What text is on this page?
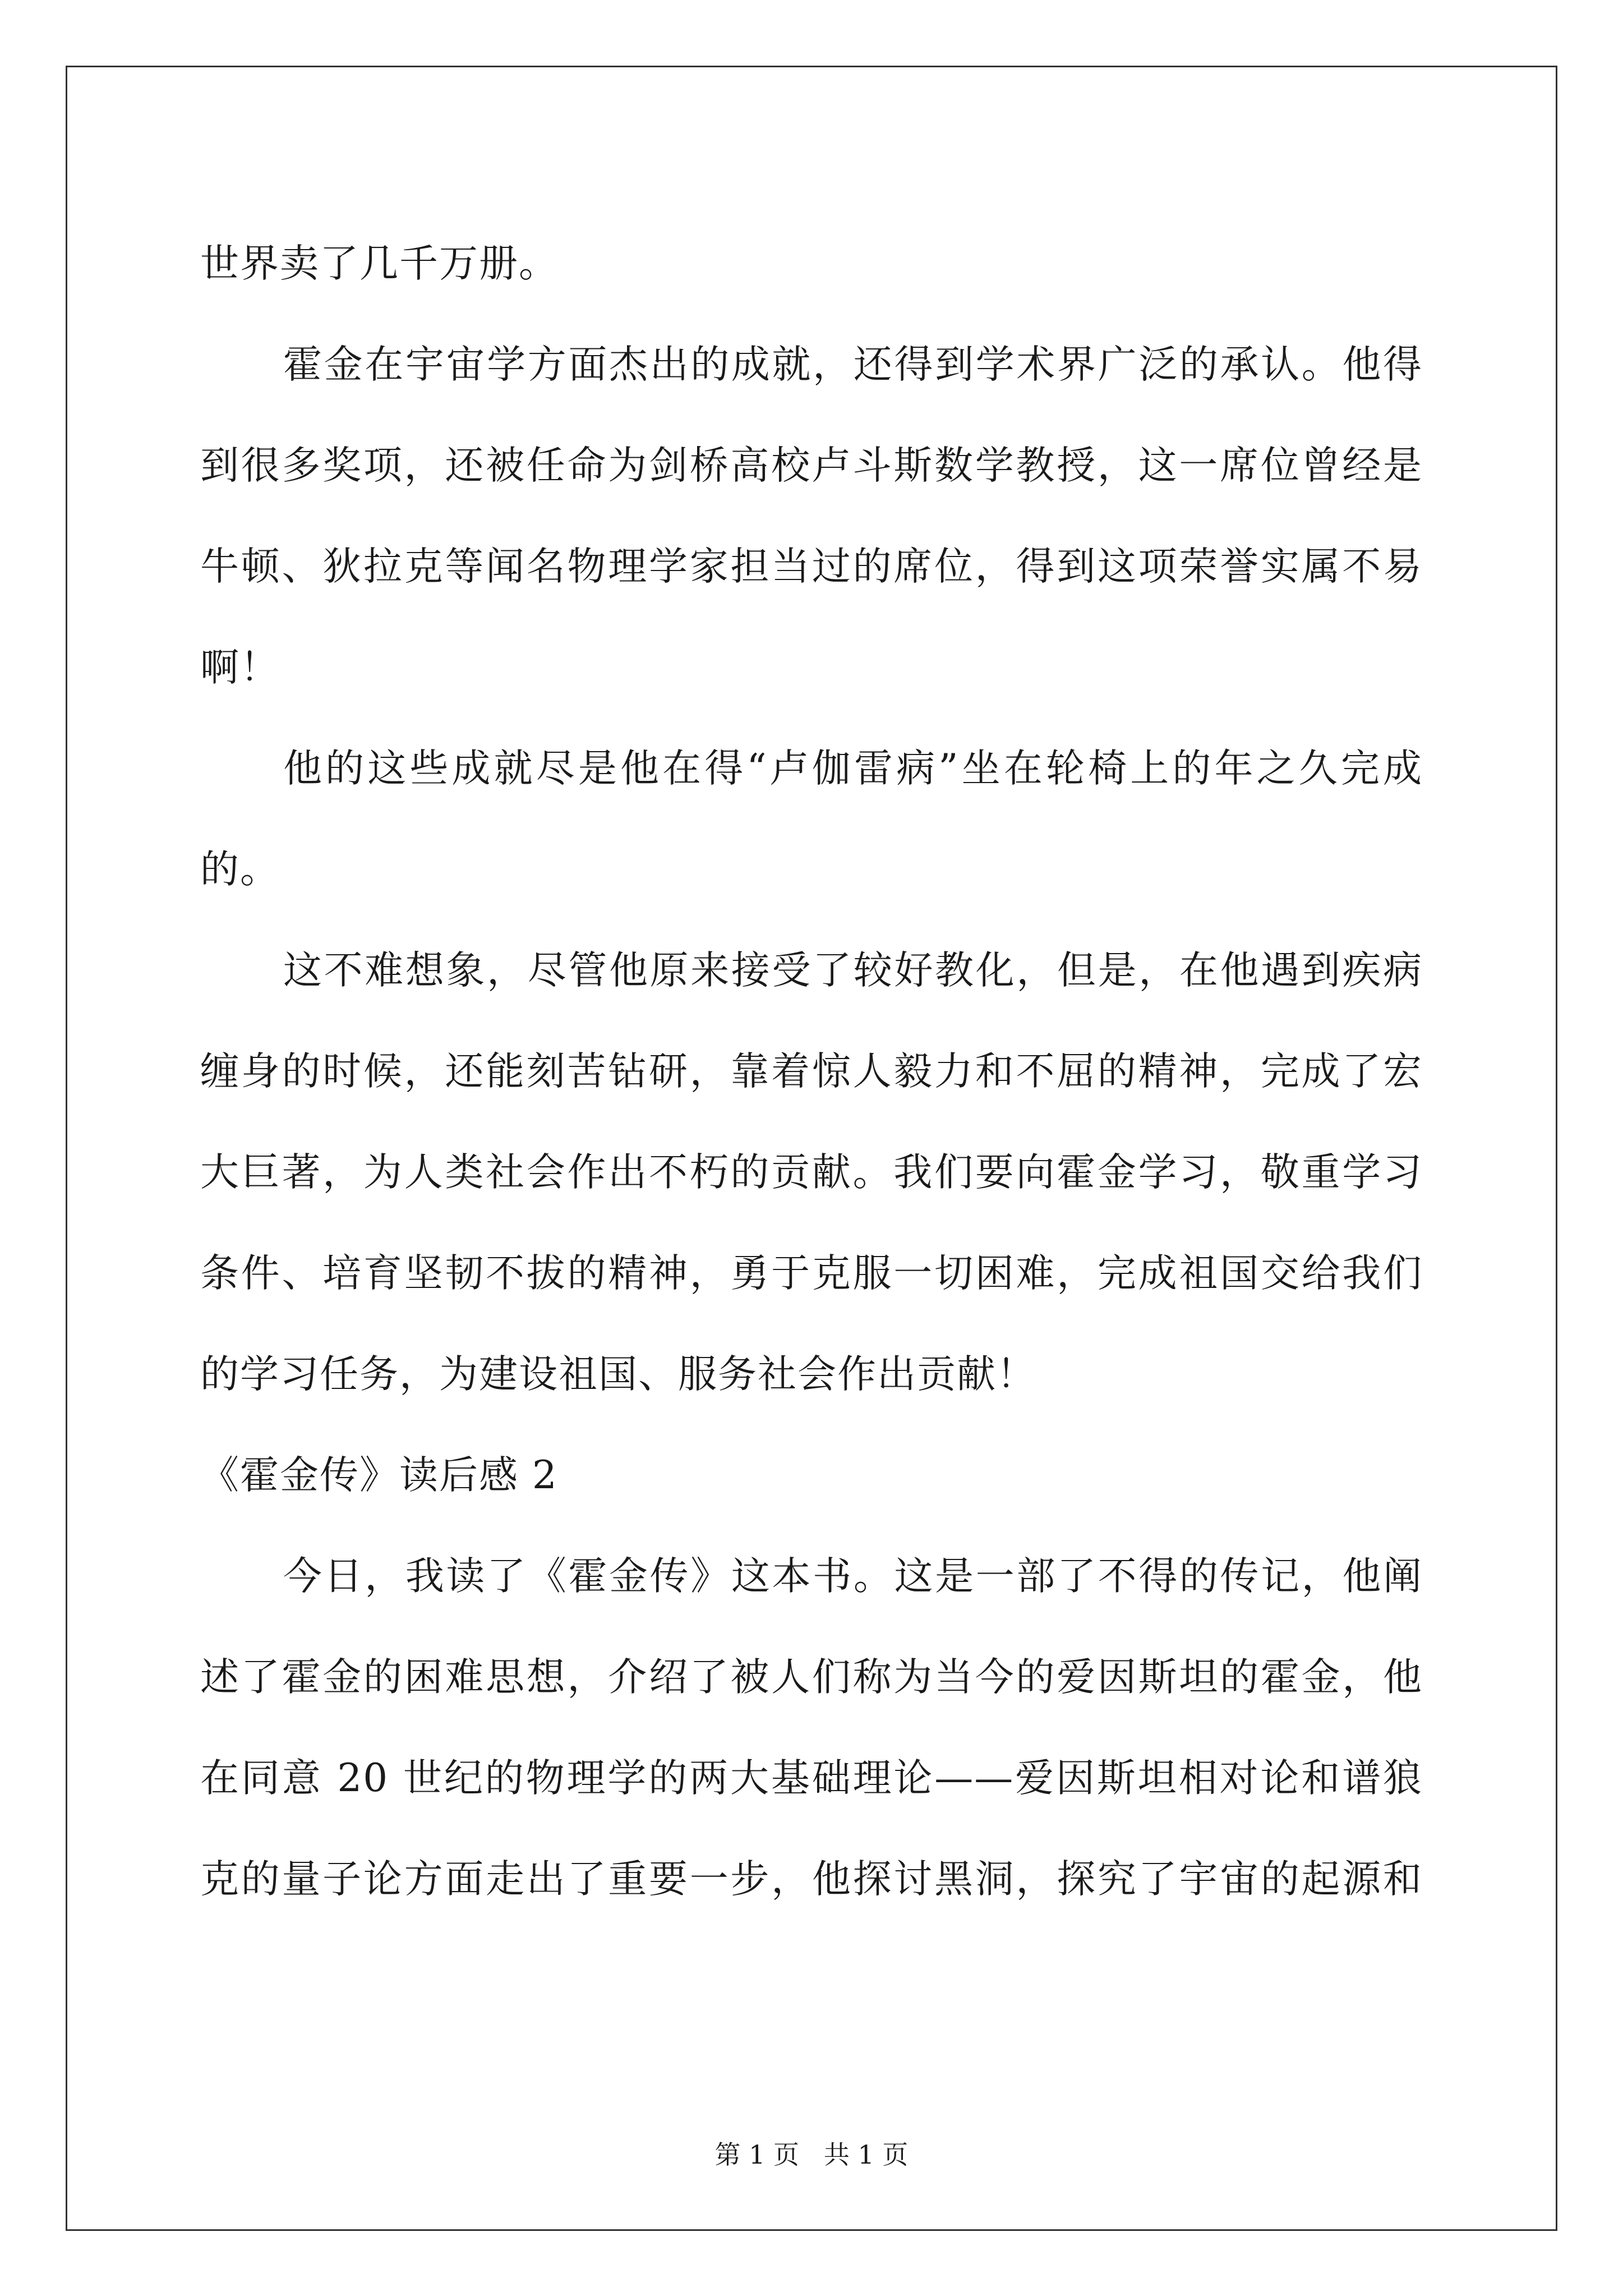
世界卖了几千万册。

霍金在宇宙学方面杰出的成就，还得到学术界广泛的承认。他得

到很多奖项，还被任命为剑桥高校卢斗斯数学教授，这一席位曾经是

牛顿、狄拉克等闻名物理学家担当过的席位，得到这项荣誉实属不易

啊！

他的这些成就尽是他在得“卢伽雷病”坐在轮椅上的年之久完成

的。

这不难想象，尽管他原来接受了较好教化，但是，在他遇到疾病

缠身的时候，还能刻苦钻研，靠着惊人毅力和不屈的精神，完成了宏

大巨著，为人类社会作出不朽的贡献。我们要向霍金学习，敬重学习

条件、培育坚韧不拔的精神，勇于克服一切困难，完成祖国交给我们

的学习任务，为建设祖国、服务社会作出贡献！

《霍金传》读后感 2

今日，我读了《霍金传》这本书。这是一部了不得的传记，他阐

述了霍金的困难思想，介绍了被人们称为当今的爱因斯坦的霍金，他

在同意 20 世纪的物理学的两大基础理论——爱因斯坦相对论和谱狼

克的量子论方面走出了重要一步，他探讨黑洞，探究了宇宙的起源和

第 1 页   共 1 页
